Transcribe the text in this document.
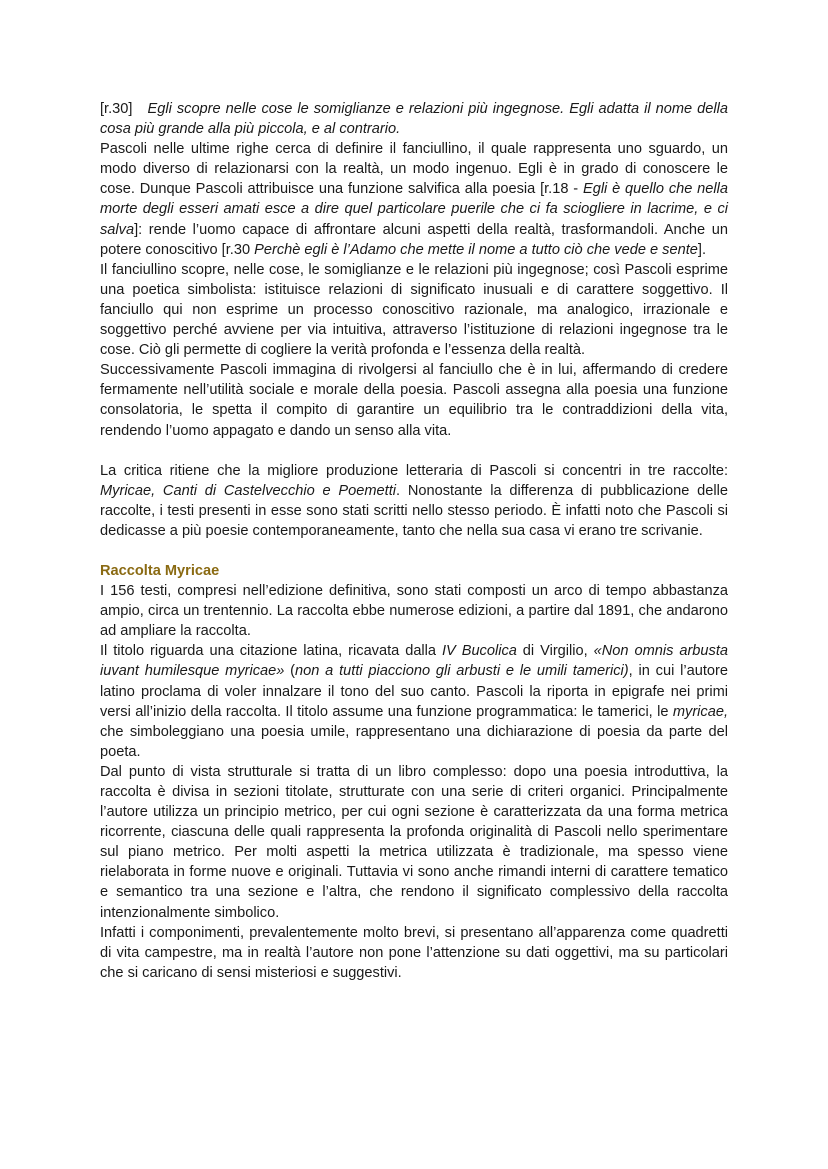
[r.30] Egli scopre nelle cose le somiglianze e relazioni più ingegnose. Egli adatta il nome della cosa più grande alla più piccola, e al contrario.

Pascoli nelle ultime righe cerca di definire il fanciullino, il quale rappresenta uno sguardo, un modo diverso di relazionarsi con la realtà, un modo ingenuo. Egli è in grado di conoscere le cose. Dunque Pascoli attribuisce una funzione salvifica alla poesia [r.18 - Egli è quello che nella morte degli esseri amati esce a dire quel particolare puerile che ci fa sciogliere in lacrime, e ci salva]: rende l’uomo capace di affrontare alcuni aspetti della realtà, trasformandoli. Anche un potere conoscitivo [r.30 Perchè egli è l’Adamo che mette il nome a tutto ciò che vede e sente].

Il fanciullino scopre, nelle cose, le somiglianze e le relazioni più ingegnose; così Pascoli esprime una poetica simbolista: istituisce relazioni di significato inusuali e di carattere soggettivo. Il fanciullo qui non esprime un processo conoscitivo razionale, ma analogico, irrazionale e soggettivo perché avviene per via intuitiva, attraverso l’istituzione di relazioni ingegnose tra le cose. Ciò gli permette di cogliere la verità profonda e l’essenza della realtà.

Successivamente Pascoli immagina di rivolgersi al fanciullo che è in lui, affermando di credere fermamente nell’utilità sociale e morale della poesia. Pascoli assegna alla poesia una funzione consolatoria, le spetta il compito di garantire un equilibrio tra le contraddizioni della vita, rendendo l’uomo appagato e dando un senso alla vita.

La critica ritiene che la migliore produzione letteraria di Pascoli si concentri in tre raccolte: Myricae, Canti di Castelvecchio e Poemetti. Nonostante la differenza di pubblicazione delle raccolte, i testi presenti in esse sono stati scritti nello stesso periodo. È infatti noto che Pascoli si dedicasse a più poesie contemporaneamente, tanto che nella sua casa vi erano tre scrivanie.

Raccolta Myricae

I 156 testi, compresi nell’edizione definitiva, sono stati composti un arco di tempo abbastanza ampio, circa un trentennio. La raccolta ebbe numerose edizioni, a partire dal 1891, che andarono ad ampliare la raccolta.

Il titolo riguarda una citazione latina, ricavata dalla IV Bucolica di Virgilio, «Non omnis arbusta iuvant humilesque myricae» (non a tutti piacciono gli arbusti e le umili tamerici), in cui l’autore latino proclama di voler innalzare il tono del suo canto. Pascoli la riporta in epigrafe nei primi versi all’inizio della raccolta. Il titolo assume una funzione programmatica: le tamerici, le myricae, che simboleggiano una poesia umile, rappresentano una dichiarazione di poesia da parte del poeta.

Dal punto di vista strutturale si tratta di un libro complesso: dopo una poesia introduttiva, la raccolta è divisa in sezioni titolate, strutturate con una serie di criteri organici. Principalmente l’autore utilizza un principio metrico, per cui ogni sezione è caratterizzata da una forma metrica ricorrente, ciascuna delle quali rappresenta la profonda originalità di Pascoli nello sperimentare sul piano metrico. Per molti aspetti la metrica utilizzata è tradizionale, ma spesso viene rielaborata in forme nuove e originali. Tuttavia vi sono anche rimandi interni di carattere tematico e semantico tra una sezione e l’altra, che rendono il significato complessivo della raccolta intenzionalmente simbolico.

Infatti i componimenti, prevalentemente molto brevi, si presentano all’apparenza come quadretti di vita campestre, ma in realtà l’autore non pone l’attenzione su dati oggettivi, ma su particolari che si caricano di sensi misteriosi e suggestivi.
